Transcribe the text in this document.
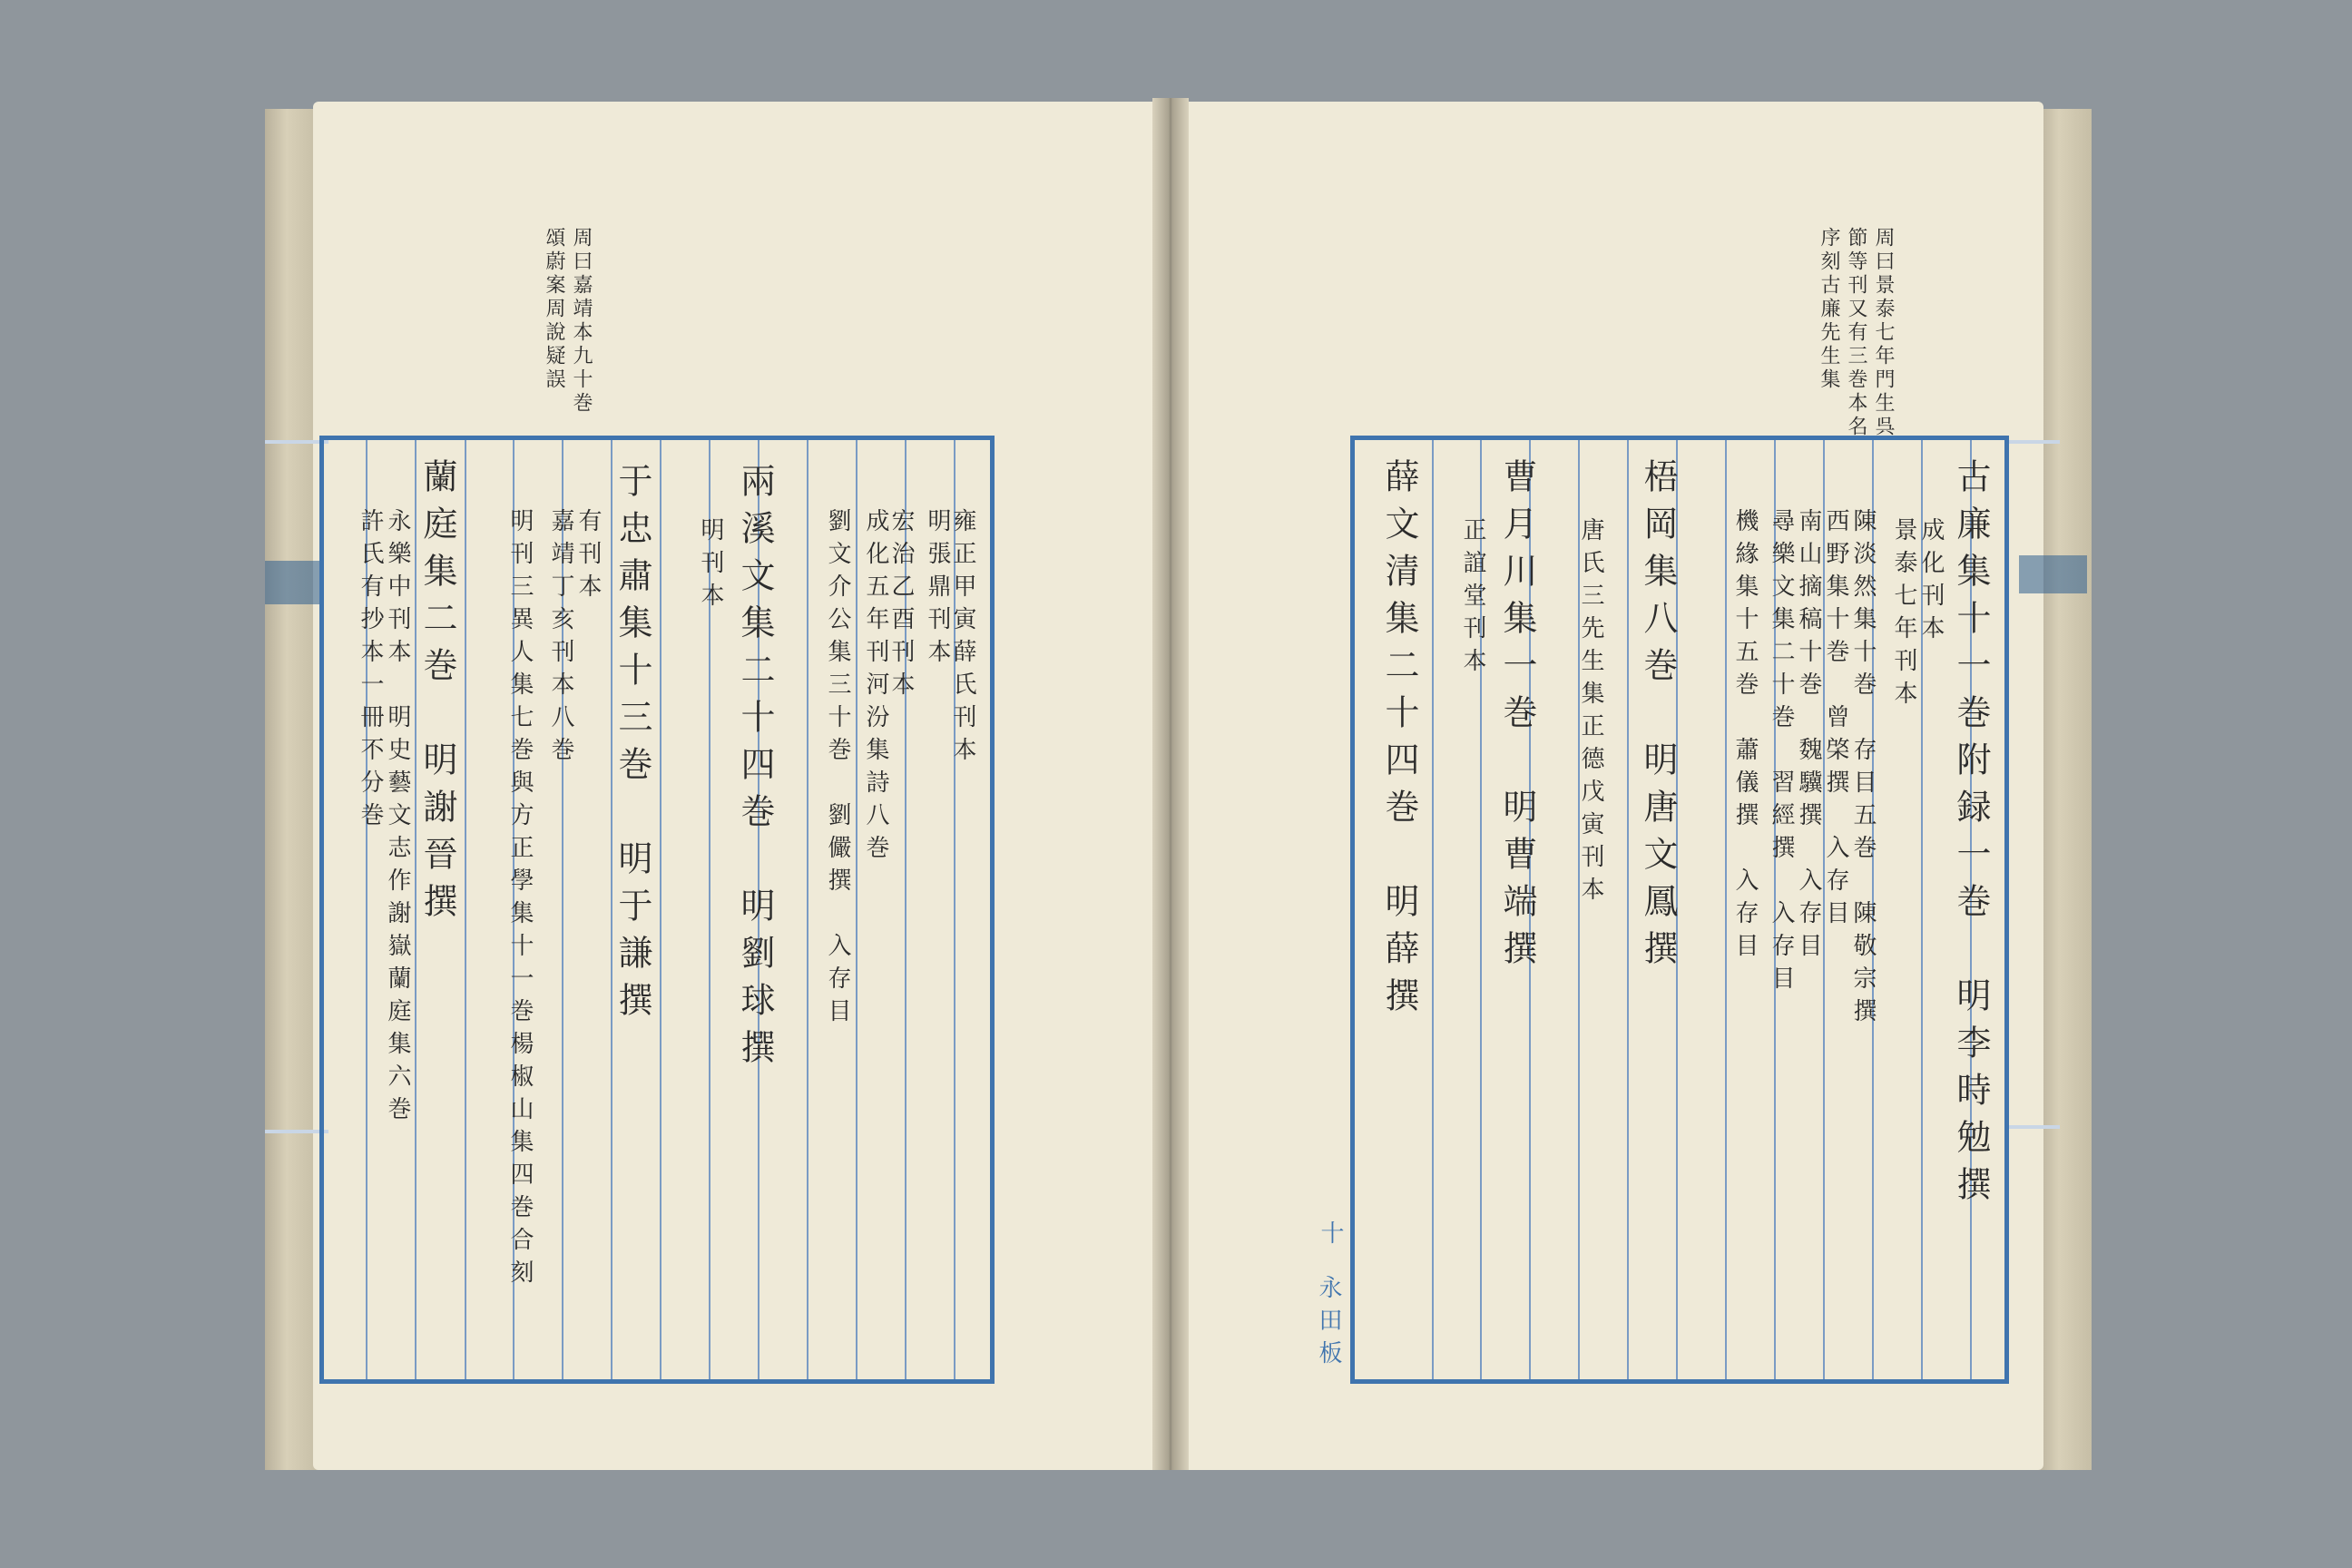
周曰嘉靖本九十巻
頌蔚案周說疑誤
雍正甲寅薛氏刊本
明張鼎刊本
宏治乙酉刊本
成化五年刊河汾集詩八巻
劉文介公集三十巻　劉儼撰　入存目
兩溪文集二十四巻　明劉球撰
明刊本
于忠肅集十三巻　明于謙撰
有刊本
嘉靖丁亥刊本八巻
明刊三異人集七巻與方正學集十一巻楊椒山集四巻合刻
蘭庭集二巻　明謝晉撰
永樂中刊本　明史藝文志作謝嶽蘭庭集六巻
許氏有抄本一冊不分巻
周曰景泰七年門生呉
節等刊又有三巻本名
序刻古廉先生集
古廉集十一巻附録一巻　明李時勉撰
成化刊本
景泰七年刊本
陳淡然集十巻　存目五巻　陳敬宗撰
西野集十巻　曾棨撰　入存目
南山摘稿十巻　魏驥撰　入存目
尋樂文集二十巻　習經撰　入存目
機緣集十五巻　蕭儀撰　入存目
梧岡集八巻　明唐文鳳撰
唐氏三先生集正德戊寅刊本
曹月川集一巻　明曹端撰
正誼堂刊本
薛文清集二十四巻　明薛撰
十
永田板
